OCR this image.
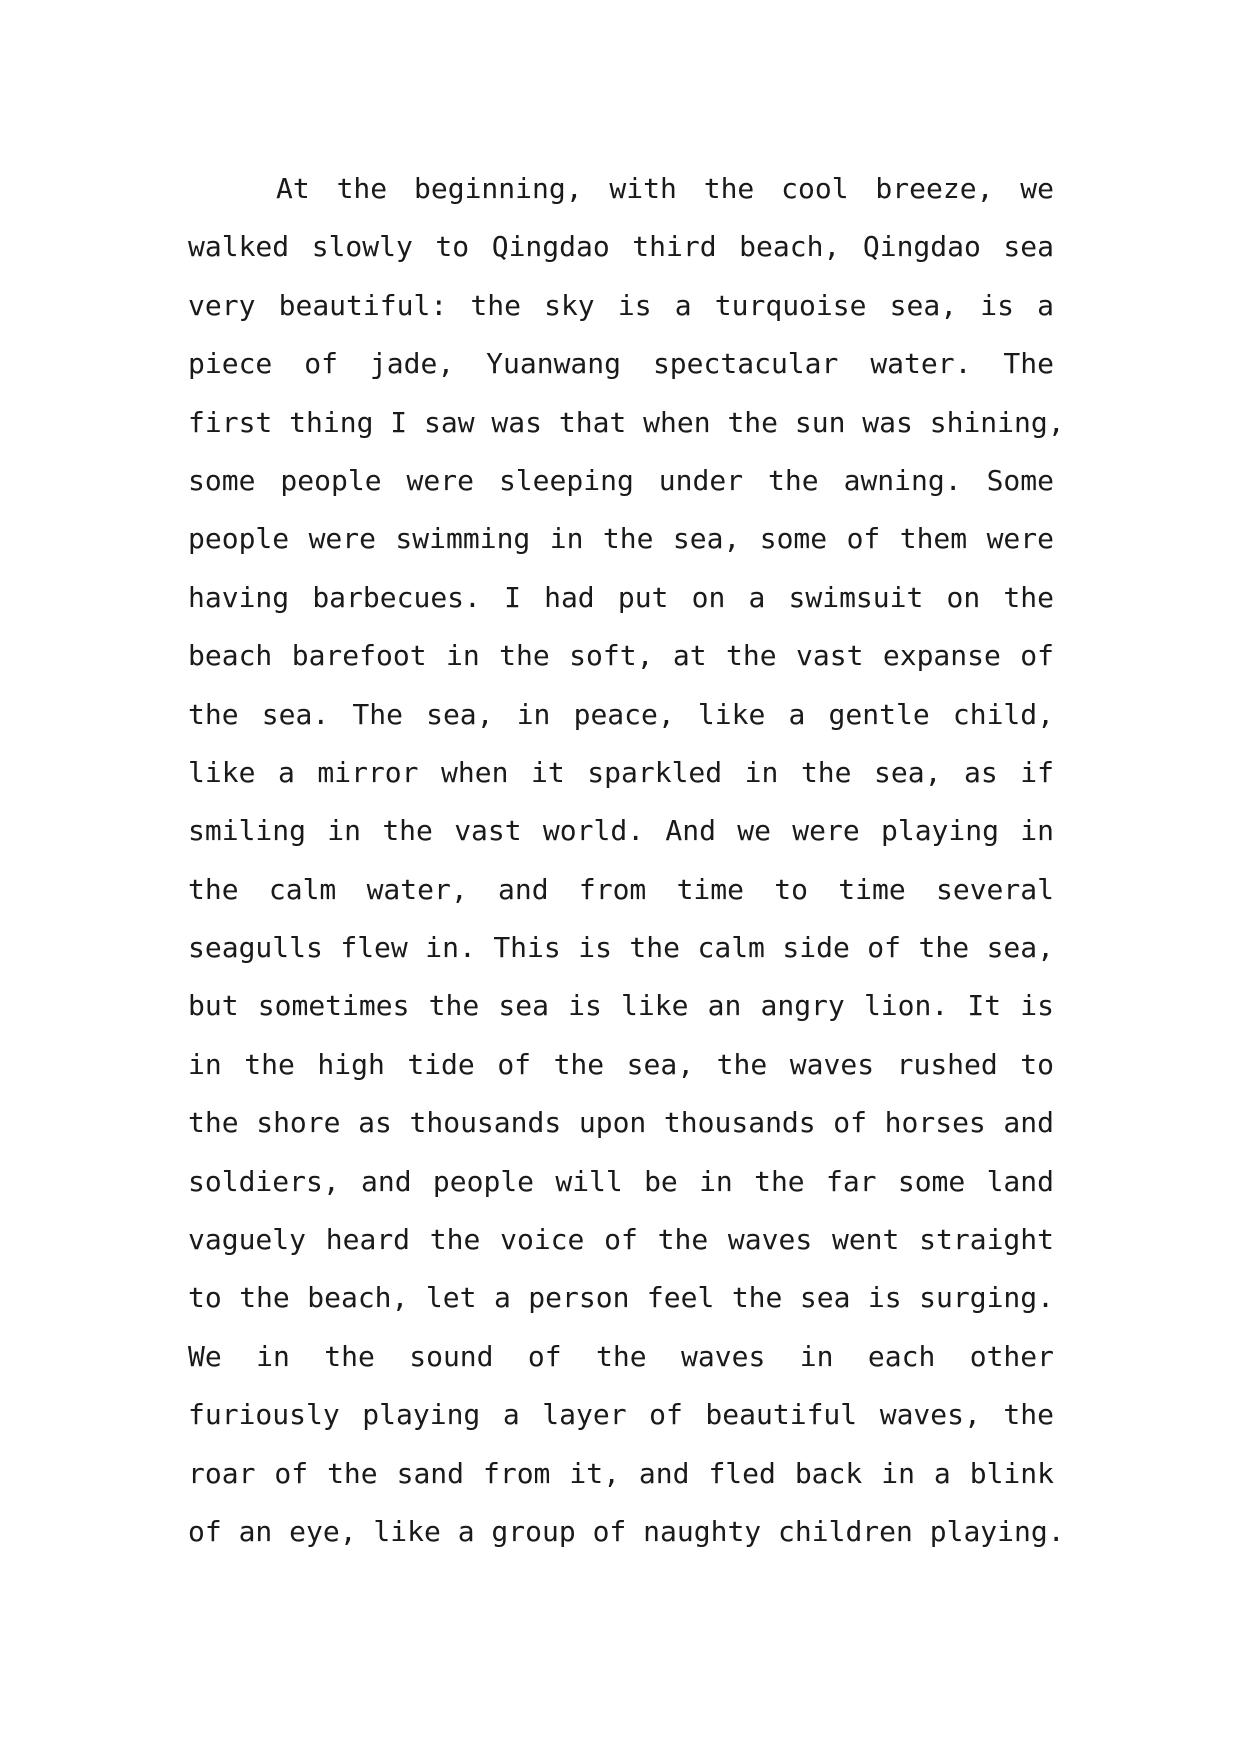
At the beginning, with the cool breeze, we
walked slowly to Qingdao third beach, Qingdao sea
very beautiful: the sky is a turquoise sea, is a
piece of jade, Yuanwang spectacular water. The
first thing I saw was that when the sun was shining,
some people were sleeping under the awning. Some
people were swimming in the sea, some of them were
having barbecues. I had put on a swimsuit on the
beach barefoot in the soft, at the vast expanse of
the sea. The sea, in peace, like a gentle child,
like a mirror when it sparkled in the sea, as if
smiling in the vast world. And we were playing in
the calm water, and from time to time several
seagulls flew in. This is the calm side of the sea,
but sometimes the sea is like an angry lion. It is
in the high tide of the sea, the waves rushed to
the shore as thousands upon thousands of horses and
soldiers, and people will be in the far some land
vaguely heard the voice of the waves went straight
to the beach, let a person feel the sea is surging.
We in the sound of the waves in each other
furiously playing a layer of beautiful waves, the
roar of the sand from it, and fled back in a blink
of an eye, like a group of naughty children playing.
